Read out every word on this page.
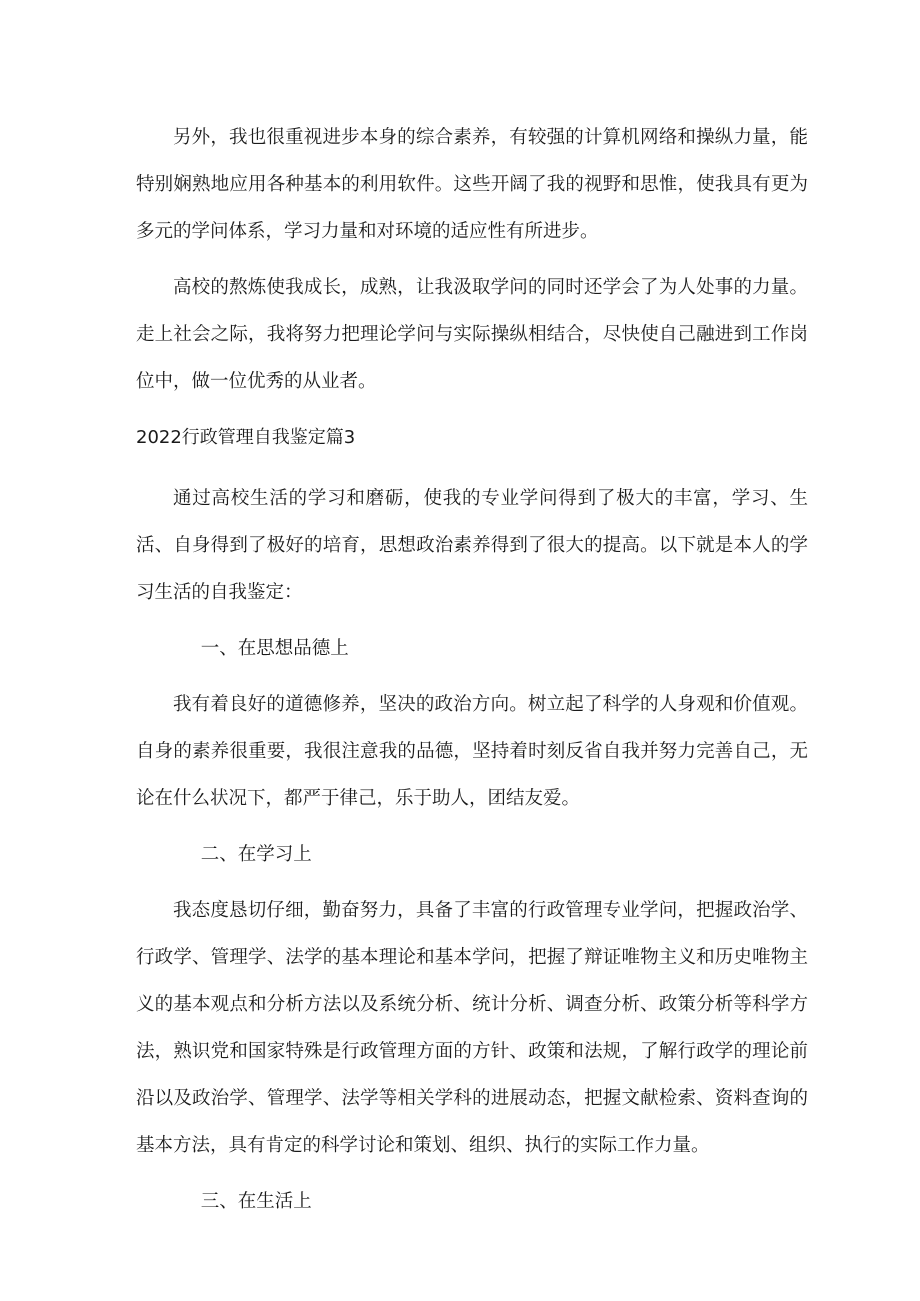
另外，我也很重视进步本身的综合素养，有较强的计算机网络和操纵力量，能特别娴熟地应用各种基本的利用软件。这些开阔了我的视野和思惟，使我具有更为多元的学问体系，学习力量和对环境的适应性有所进步。

高校的熬炼使我成长，成熟，让我汲取学问的同时还学会了为人处事的力量。走上社会之际，我将努力把理论学问与实际操纵相结合，尽快使自己融进到工作岗位中，做一位优秀的从业者。

2022行政管理自我鉴定篇3

通过高校生活的学习和磨砺，使我的专业学问得到了极大的丰富，学习、生活、自身得到了极好的培育，思想政治素养得到了很大的提高。以下就是本人的学习生活的自我鉴定：

一、在思想品德上

我有着良好的道德修养，坚决的政治方向。树立起了科学的人身观和价值观。自身的素养很重要，我很注意我的品德，坚持着时刻反省自我并努力完善自己，无论在什么状况下，都严于律己，乐于助人，团结友爱。

二、在学习上

我态度恳切仔细，勤奋努力，具备了丰富的行政管理专业学问，把握政治学、行政学、管理学、法学的基本理论和基本学问，把握了辩证唯物主义和历史唯物主义的基本观点和分析方法以及系统分析、统计分析、调查分析、政策分析等科学方法，熟识党和国家特殊是行政管理方面的方针、政策和法规，了解行政学的理论前沿以及政治学、管理学、法学等相关学科的进展动态，把握文献检索、资料查询的基本方法，具有肯定的科学讨论和策划、组织、执行的实际工作力量。

三、在生活上
